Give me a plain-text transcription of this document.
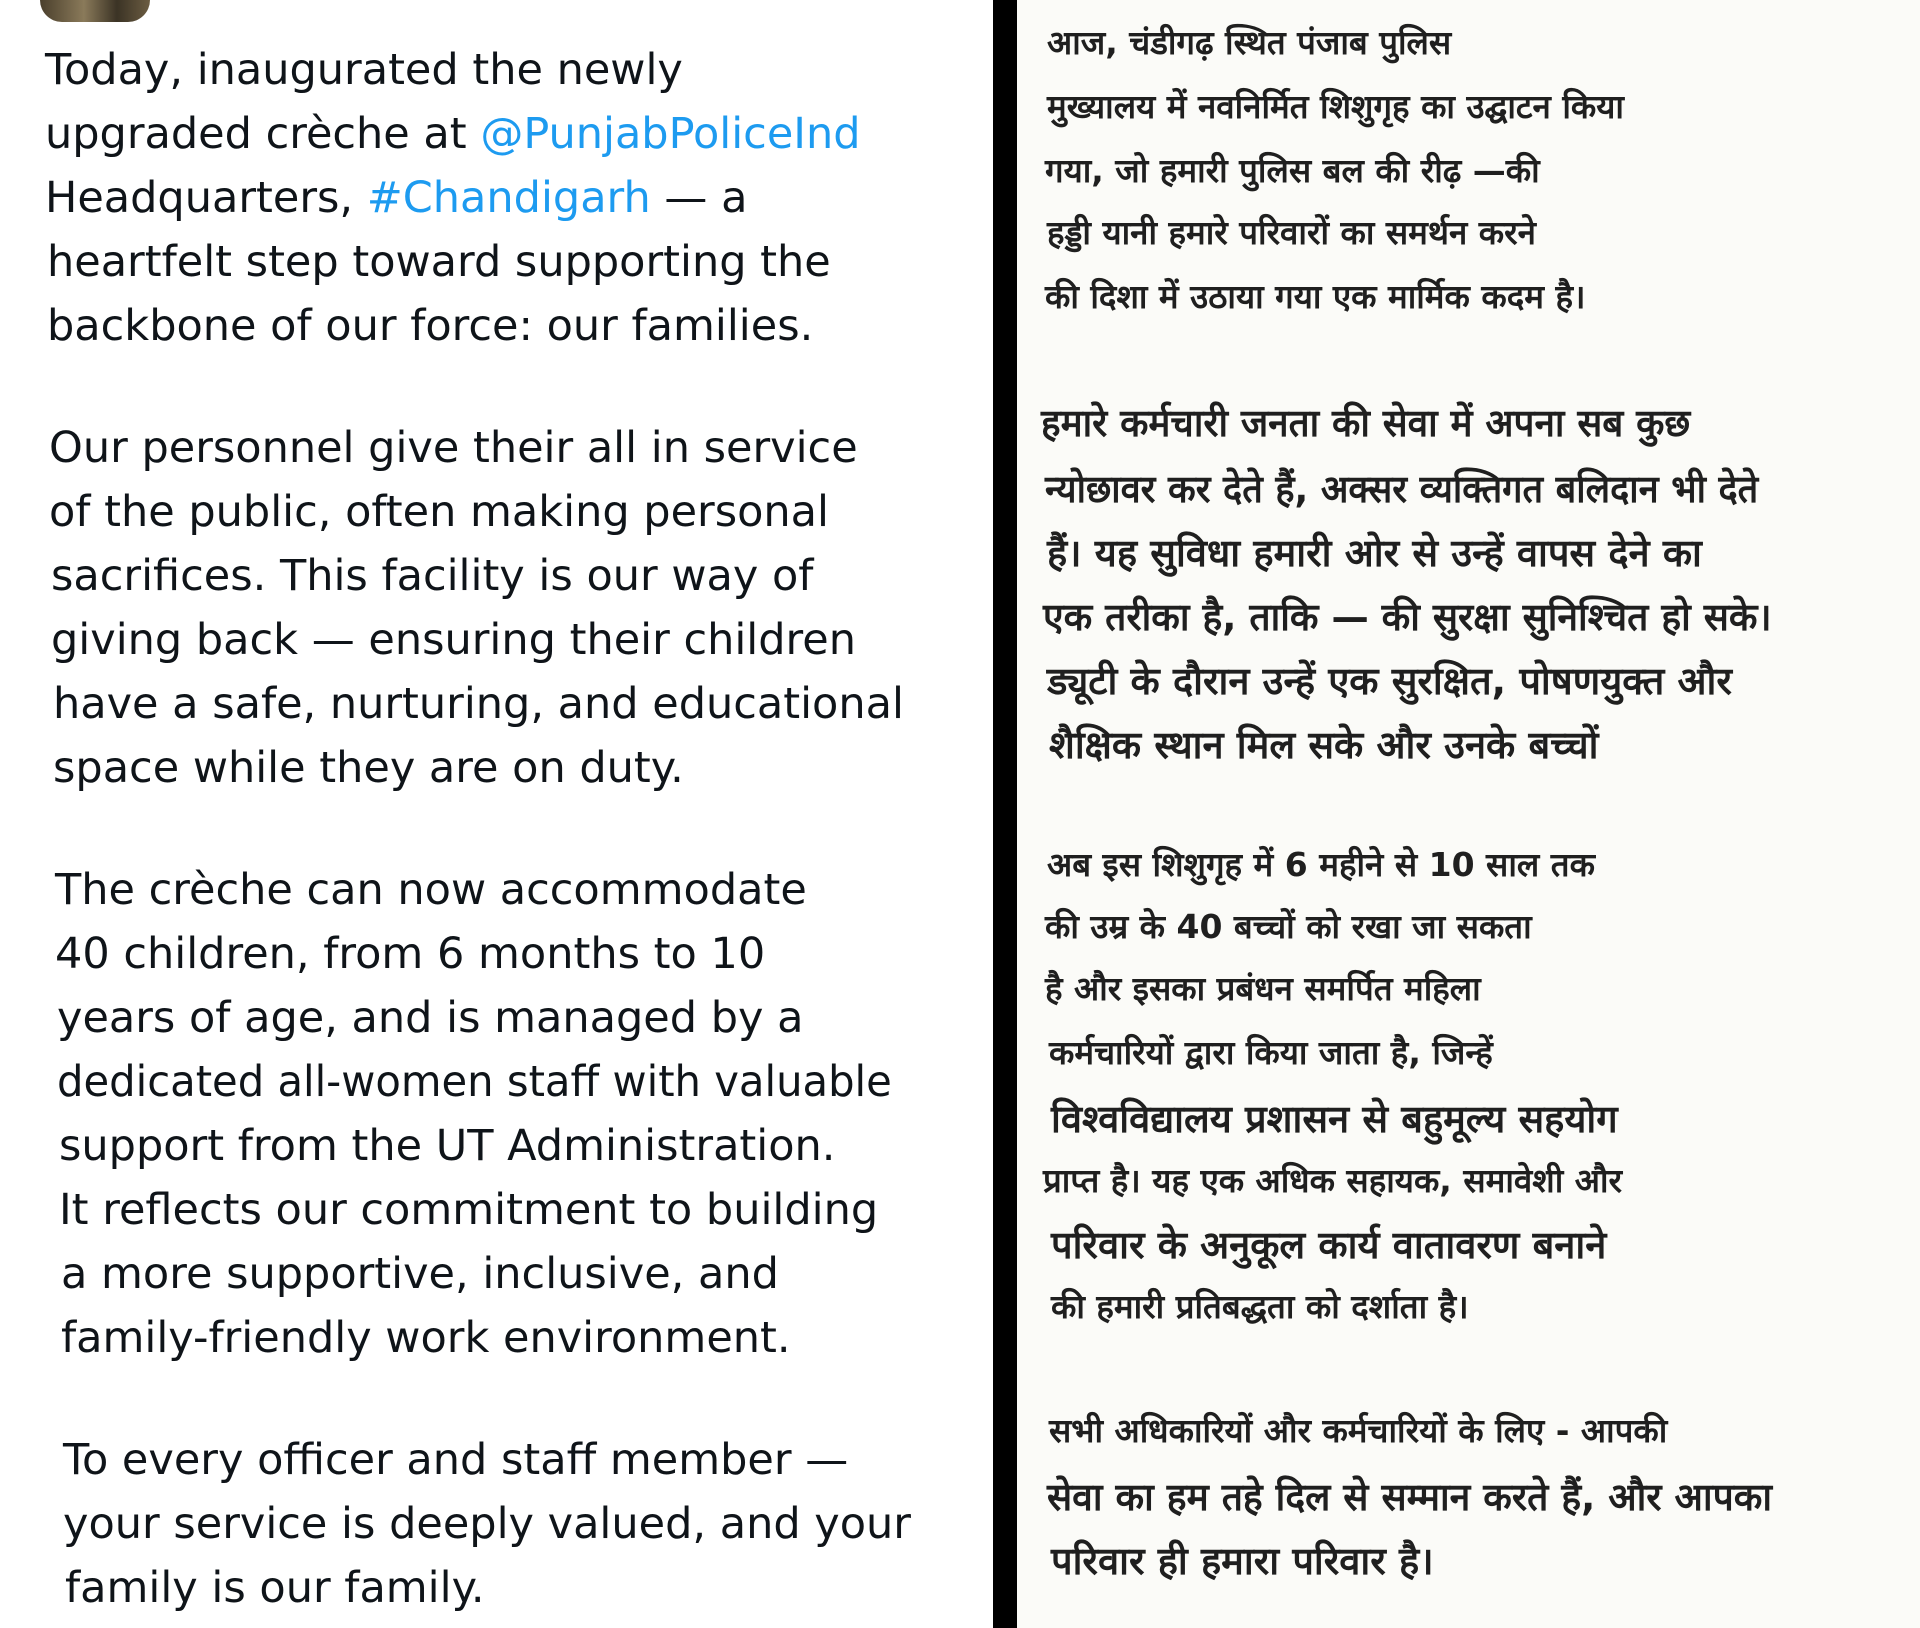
Today, inaugurated the newly
upgraded crèche at @PunjabPoliceInd
Headquarters, #Chandigarh — a
heartfelt step toward supporting the
backbone of our force: our families.
Our personnel give their all in service
of the public, often making personal
sacrifices. This facility is our way of
giving back — ensuring their children
have a safe, nurturing, and educational
space while they are on duty.
The crèche can now accommodate
40 children, from 6 months to 10
years of age, and is managed by a
dedicated all-women staff with valuable
support from the UT Administration.
It reflects our commitment to building
a more supportive, inclusive, and
family-friendly work environment.
To every officer and staff member —
your service is deeply valued, and your
family is our family.
आज, चंडीगढ़ स्थित पंजाब पुलिस
मुख्यालय में नवनिर्मित शिशुगृह का उद्घाटन किया
गया, जो हमारी पुलिस बल की रीढ़ —की
हड्डी यानी हमारे परिवारों का समर्थन करने
की दिशा में उठाया गया एक मार्मिक कदम है।
हमारे कर्मचारी जनता की सेवा में अपना सब कुछ
न्योछावर कर देते हैं, अक्सर व्यक्तिगत बलिदान भी देते
हैं। यह सुविधा हमारी ओर से उन्हें वापस देने का
एक तरीका है, ताकि — की सुरक्षा सुनिश्चित हो सके।
ड्यूटी के दौरान उन्हें एक सुरक्षित, पोषणयुक्त और
शैक्षिक स्थान मिल सके और उनके बच्चों
अब इस शिशुगृह में 6 महीने से 10 साल तक
की उम्र के 40 बच्चों को रखा जा सकता
है और इसका प्रबंधन समर्पित महिला
कर्मचारियों द्वारा किया जाता है, जिन्हें
विश्वविद्यालय प्रशासन से बहुमूल्य सहयोग
प्राप्त है। यह एक अधिक सहायक, समावेशी और
परिवार के अनुकूल कार्य वातावरण बनाने
की हमारी प्रतिबद्धता को दर्शाता है।
सभी अधिकारियों और कर्मचारियों के लिए - आपकी
सेवा का हम तहे दिल से सम्मान करते हैं, और आपका
परिवार ही हमारा परिवार है।
